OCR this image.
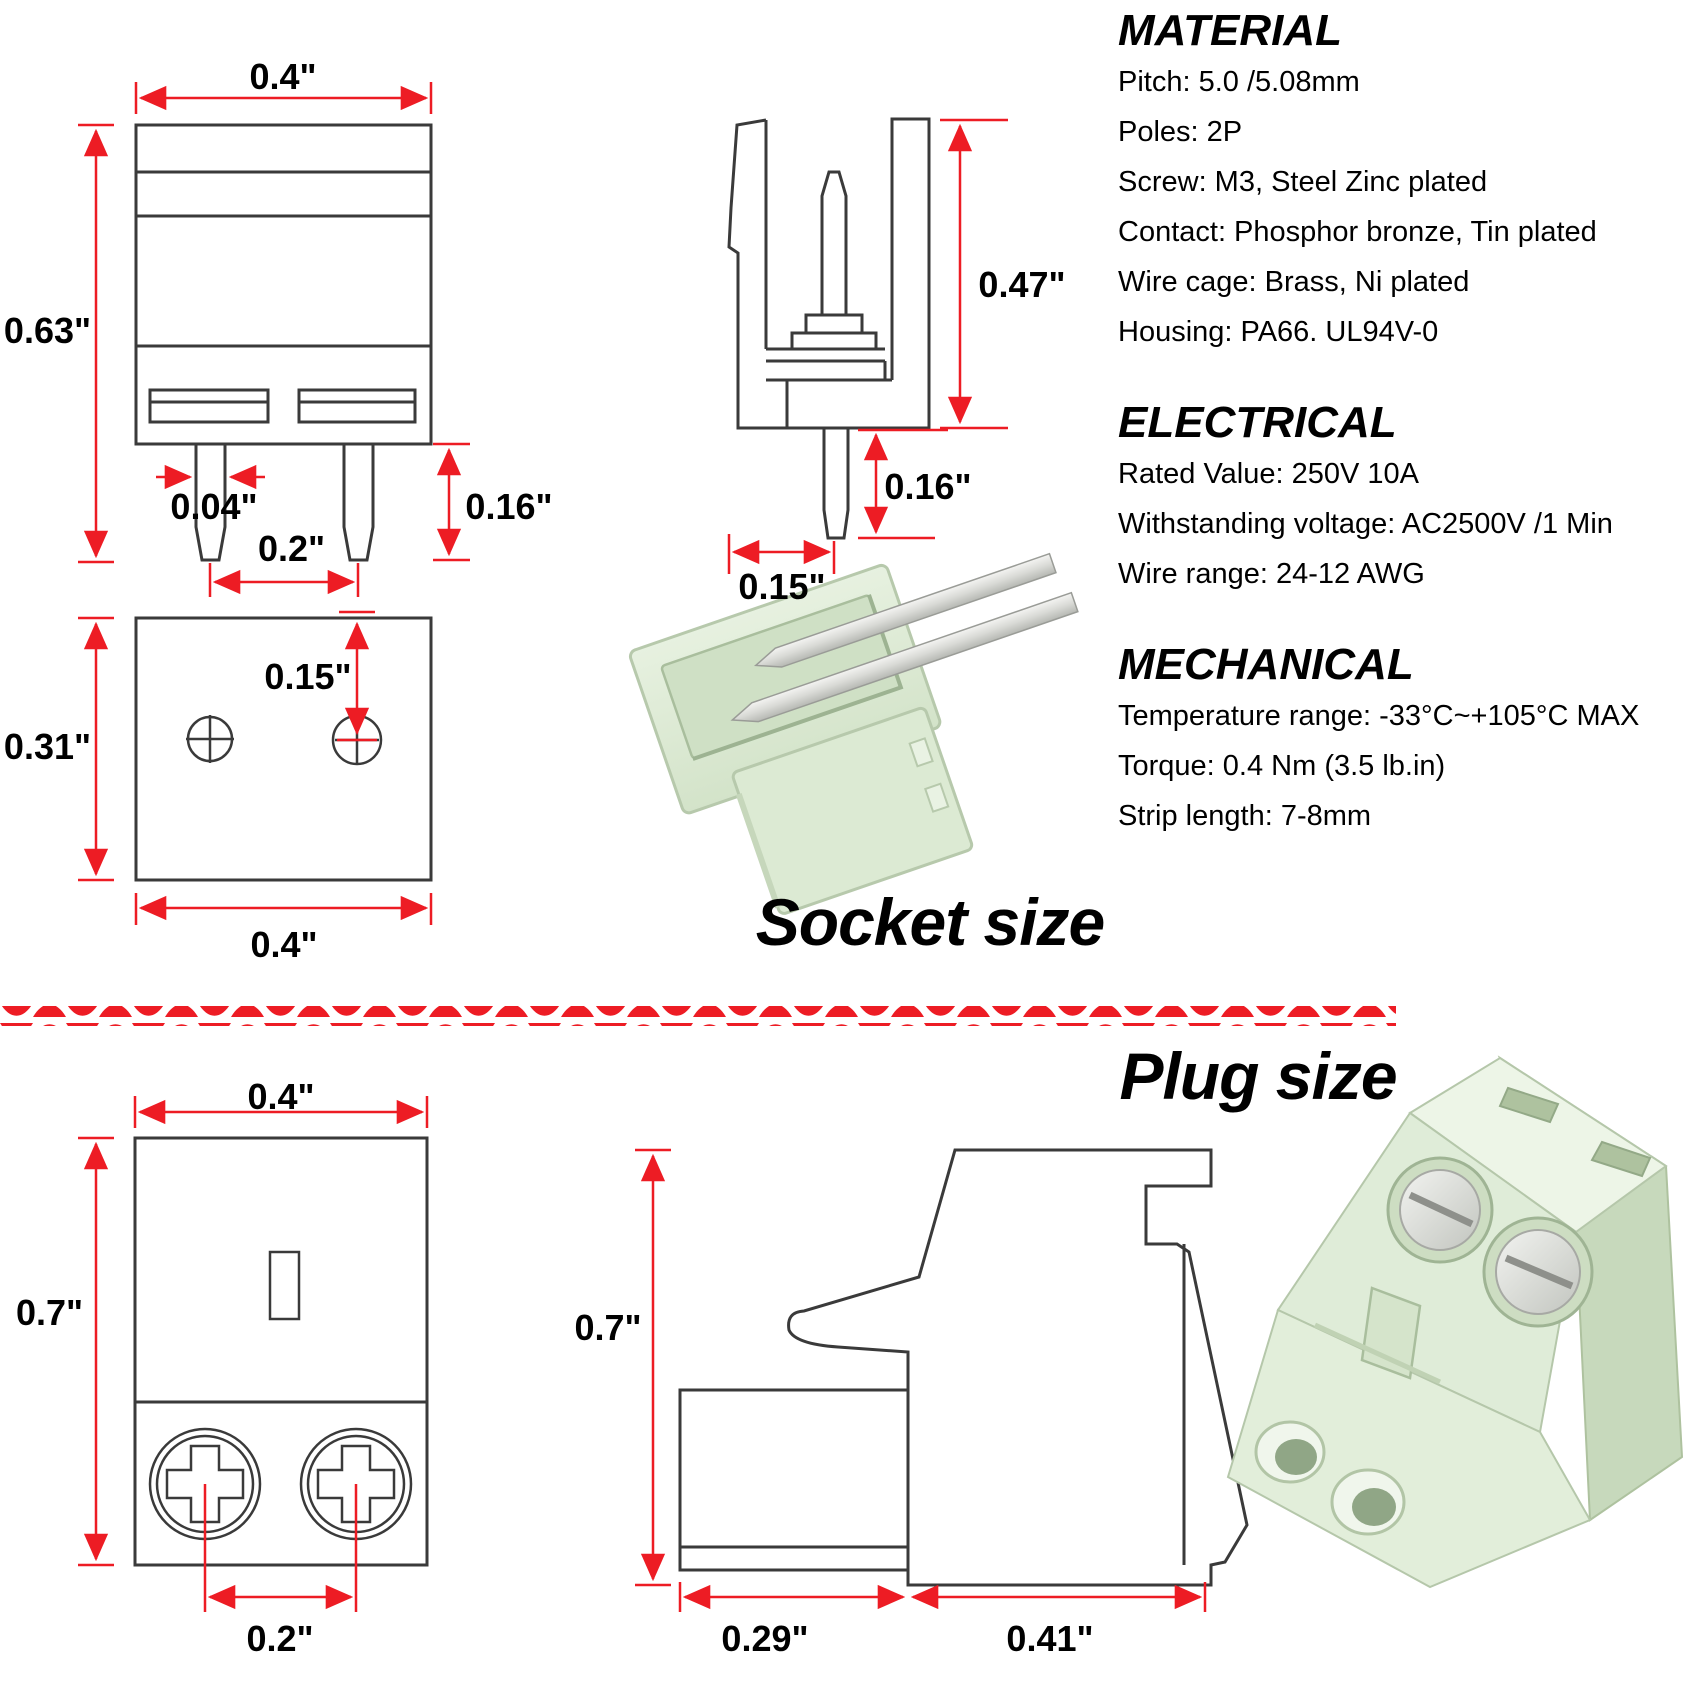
MATERIAL
Pitch: 5.0 /5.08mm
Poles: 2P
Screw: M3, Steel Zinc plated
Contact: Phosphor bronze, Tin plated
Wire cage: Brass, Ni plated
Housing: PA66. UL94V-0
ELECTRICAL
Rated Value: 250V 10A
Withstanding voltage: AC2500V /1 Min
Wire range: 24-12 AWG
MECHANICAL
Temperature range: -33°C~+105°C MAX
Torque: 0.4 Nm (3.5 lb.in)
Strip length: 7-8mm
Socket size
Plug size
0.4"
0.63"
0.04"
0.2"
0.16"
0.47"
0.16"
0.15"
0.31"
0.15"
0.4"
0.4"
0.7"
0.2"
0.7"
0.29"	0.41"
